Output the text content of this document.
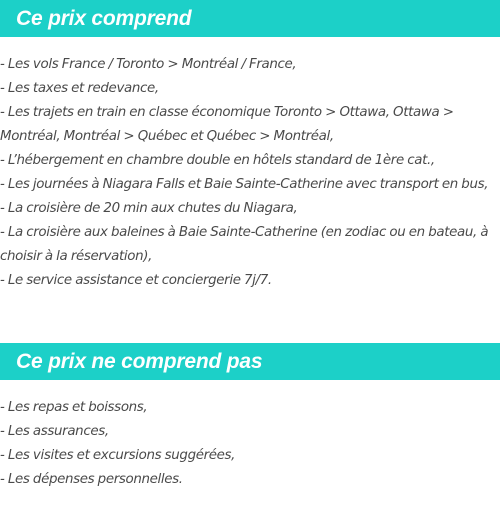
Ce prix comprend
- Les vols France / Toronto > Montréal / France,
- Les taxes et redevance,
- Les trajets en train en classe économique Toronto > Ottawa, Ottawa > Montréal, Montréal > Québec et Québec > Montréal,
- L’hébergement en chambre double en hôtels standard de 1ère cat.,
- Les journées à Niagara Falls et Baie Sainte-Catherine avec transport en bus,
- La croisière de 20 min aux chutes du Niagara,
- La croisière aux baleines à Baie Sainte-Catherine (en zodiac ou en bateau, à choisir à la réservation),
- Le service assistance et conciergerie 7j/7.
Ce prix ne comprend pas
- Les repas et boissons,
- Les assurances,
- Les visites et excursions suggérées,
- Les dépenses personnelles.
